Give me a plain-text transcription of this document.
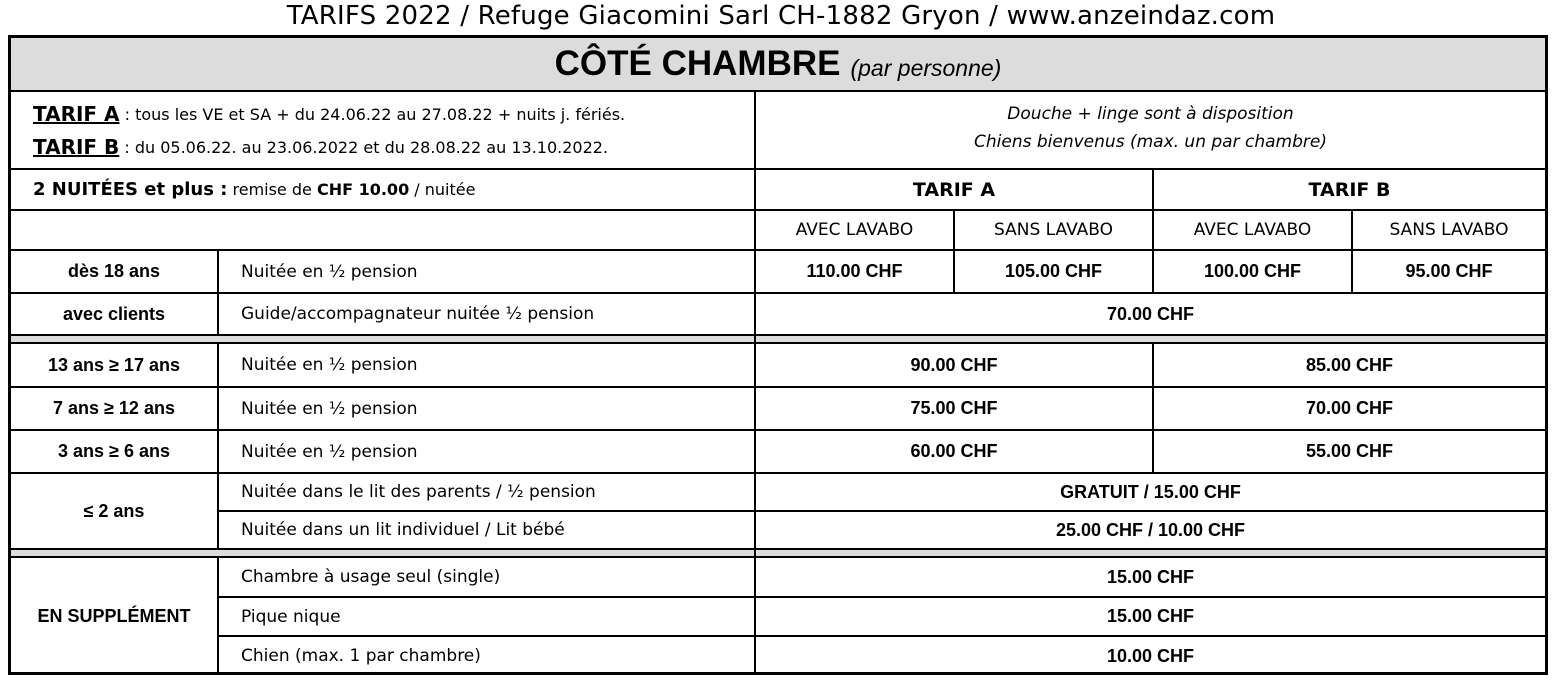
TARIFS 2022 / Refuge Giacomini Sarl CH-1882 Gryon / www.anzeindaz.com
CÔTÉ CHAMBRE (par personne)
TARIF A : tous les VE et SA + du 24.06.22 au 27.08.22 + nuits j. fériés.
TARIF B : du 05.06.22. au 23.06.2022 et du 28.08.22 au 13.10.2022.
Douche + linge sont à disposition
Chiens bienvenus (max. un par chambre)
2 NUITÉES et plus : remise de CHF 10.00 / nuitée	TARIF A	TARIF B
AVEC LAVABO	SANS LAVABO	AVEC LAVABO	SANS LAVABO
dès 18 ans	Nuitée en ½ pension	110.00 CHF	105.00 CHF	100.00 CHF	95.00 CHF
avec clients	Guide/accompagnateur nuitée ½ pension	70.00 CHF
13 ans ≥ 17 ans	Nuitée en ½ pension	90.00 CHF	85.00 CHF
7 ans ≥ 12 ans	Nuitée en ½ pension	75.00 CHF	70.00 CHF
3 ans ≥ 6 ans	Nuitée en ½ pension	60.00 CHF	55.00 CHF
≤ 2 ans
Nuitée dans le lit des parents / ½ pension	GRATUIT / 15.00 CHF
Nuitée dans un lit individuel / Lit bébé	25.00 CHF / 10.00 CHF
EN SUPPLÉMENT
Chambre à usage seul (single)	15.00 CHF
Pique nique	15.00 CHF
Chien (max. 1 par chambre)	10.00 CHF
